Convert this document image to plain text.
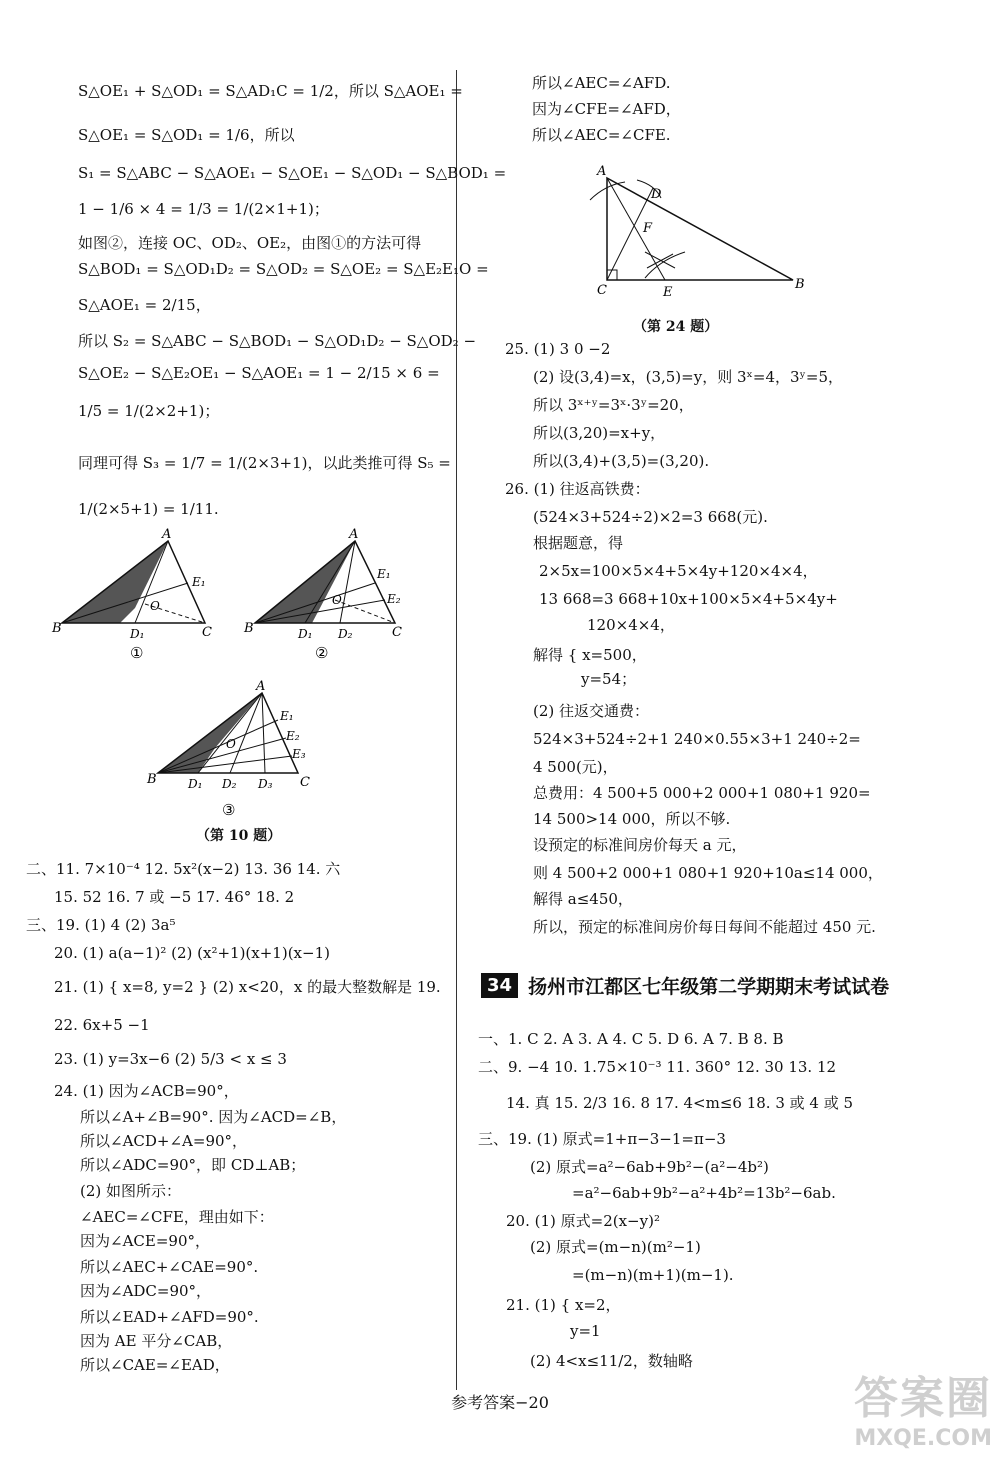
S△OE₁ + S△OD₁ = S△AD₁C = 1/2，所以 S△AOE₁ =
S△OE₁ = S△OD₁ = 1/6，所以
S₁ = S△ABC − S△AOE₁ − S△OE₁ − S△OD₁ − S△BOD₁ =
1 − 1/6 × 4 = 1/3 = 1/(2×1+1)；
如图②，连接 OC、OD₂、OE₂，由图①的方法可得
S△BOD₁ = S△OD₁D₂ = S△OD₂ = S△OE₂ = S△E₂E₁O =
S△AOE₁ = 2/15，
所以 S₂ = S△ABC − S△BOD₁ − S△OD₁D₂ − S△OD₂ −
S△OE₂ − S△E₂OE₁ − S△AOE₁ = 1 − 2/15 × 6 =
1/5 = 1/(2×2+1)；
同理可得 S₃ = 1/7 = 1/(2×3+1)，以此类推可得 S₅ =
1/(2×5+1) = 1/11.
A
B	C
D₁
E₁
O
①
A
B	C
D₁ D₂
E₁
E₂
O
②
A
B	C
D₁ D₂ D₃
E₁
E₂
E₃
O
③
（第 10 题）
二、11. 7×10⁻⁴ 12. 5x²(x−2) 13. 36 14. 六
15. 52 16. 7 或 −5 17. 46° 18. 2
三、19. (1) 4 (2) 3a⁵
20. (1) a(a−1)² (2) (x²+1)(x+1)(x−1)
21. (1) { x=8, y=2 } (2) x<20，x 的最大整数解是 19.
22. 6x+5 −1
23. (1) y=3x−6 (2) 5/3 < x ≤ 3
24. (1) 因为∠ACB=90°，
所以∠A+∠B=90°. 因为∠ACD=∠B，
所以∠ACD+∠A=90°，
所以∠ADC=90°，即 CD⊥AB；
(2) 如图所示：
∠AEC=∠CFE，理由如下：
因为∠ACE=90°，
所以∠AEC+∠CAE=90°.
因为∠ADC=90°，
所以∠EAD+∠AFD=90°.
因为 AE 平分∠CAB，
所以∠CAE=∠EAD，
所以∠AEC=∠AFD.
因为∠CFE=∠AFD，
所以∠AEC=∠CFE.
A
D
F
C	E
B
（第 24 题）
25. (1) 3 0 −2
(2) 设(3,4)=x，(3,5)=y，则 3ˣ=4，3ʸ=5，
所以 3ˣ⁺ʸ=3ˣ·3ʸ=20，
所以(3,20)=x+y，
所以(3,4)+(3,5)=(3,20).
26. (1) 往返高铁费：
(524×3+524÷2)×2=3 668(元).
根据题意，得
2×5x=100×5×4+5×4y+120×4×4，
13 668=3 668+10x+100×5×4+5×4y+
120×4×4，
解得 { x=500，
y=54；
(2) 往返交通费：
524×3+524÷2+1 240×0.55×3+1 240÷2=
4 500(元)，
总费用：4 500+5 000+2 000+1 080+1 920=
14 500>14 000，所以不够.
设预定的标准间房价每天 a 元，
则 4 500+2 000+1 080+1 920+10a≤14 000，
解得 a≤450，
所以，预定的标准间房价每日每间不能超过 450 元.
34 扬州市江都区七年级第二学期期末考试试卷
一、1. C 2. A 3. A 4. C 5. D 6. A 7. B 8. B
二、9. −4 10. 1.75×10⁻³ 11. 360° 12. 30 13. 12
14. 真 15. 2/3 16. 8 17. 4<m≤6 18. 3 或 4 或 5
三、19. (1) 原式=1+π−3−1=π−3
(2) 原式=a²−6ab+9b²−(a²−4b²)
=a²−6ab+9b²−a²+4b²=13b²−6ab.
20. (1) 原式=2(x−y)²
(2) 原式=(m−n)(m²−1)
=(m−n)(m+1)(m−1).
21. (1) { x=2，
y=1
(2) 4<x≤11/2，数轴略
参考答案−20	答案圈
MXQE.COM
